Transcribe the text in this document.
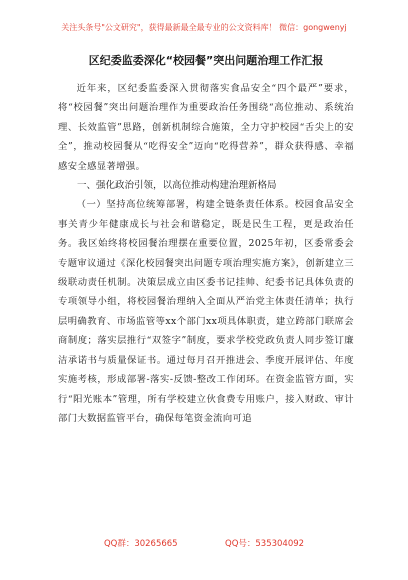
关注头条号"公文研究"，获得最新最全最专业的公文资料库！ 微信：gongwenyj
区纪委监委深化“校园餐”突出问题治理工作汇报

近年来，区纪委监委深入贯彻落实食品安全“四个最严”要求，将“校园餐”突出问题治理作为重要政治任务围绕“高位推动、系统治理、长效监管”思路，创新机制综合施策，全力守护校园“舌尖上的安全”，推动校园餐从“吃得安全”迈向“吃得营养”，群众获得感、幸福感安全感显著增强。

一、强化政治引领，以高位推动构建治理新格局

（一）坚持高位统筹部署，构建全链条责任体系。校园食品安全事关青少年健康成长与社会和谐稳定，既是民生工程，更是政治任务。我区始终将校园餐治理摆在重要位置，2025年初，区委常委会专题审议通过《深化校园餐突出问题专项治理实施方案》，创新建立三级联动责任机制。决策层成立由区委书记挂帅、纪委书记具体负责的专项领导小组，将校园餐治理纳入全面从严治党主体责任清单；执行层明确教育、市场监管等xx个部门xx项具体职责，建立跨部门联席会商制度；落实层推行“双签字”制度，要求学校党政负责人同步签订廉洁承诺书与质量保证书。通过每月召开推进会、季度开展评估、年度实施考核，形成部署-落实-反馈-整改工作闭环。在资金监管方面，实行“阳光账本”管理，所有学校建立伙食费专用账户，接入财政、审计部门大数据监管平台，确保每笔资金流向可追

QQ群：30265665	QQ号：535304092
